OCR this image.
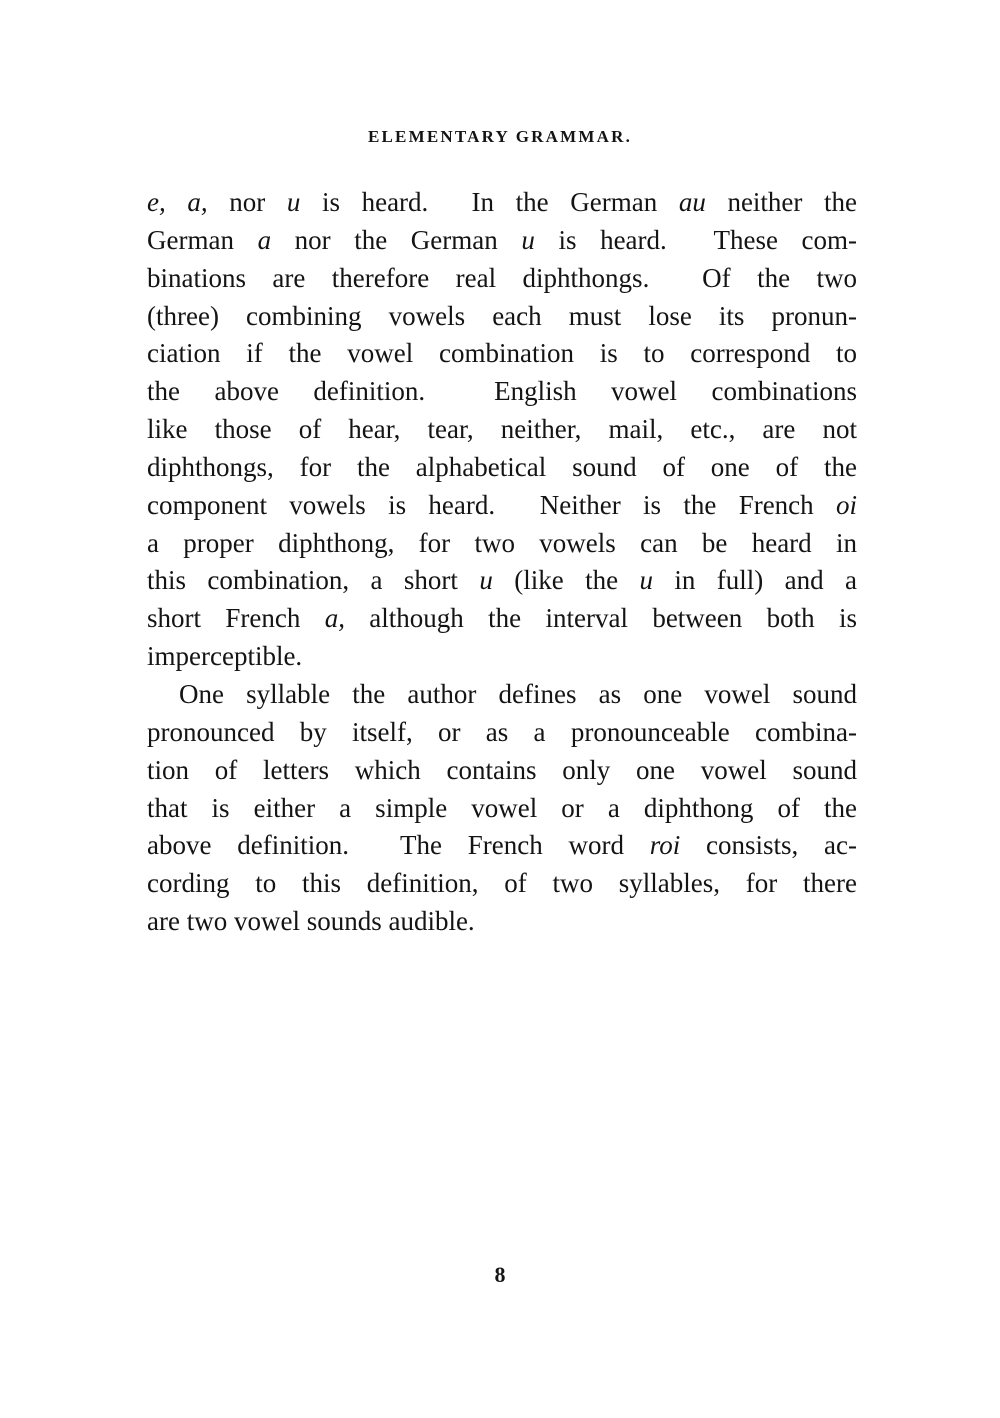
ELEMENTARY GRAMMAR.
e, a, nor u is heard.  In the German au neither the
German a nor the German u is heard.  These com-
binations are therefore real diphthongs.  Of the two
(three) combining vowels each must lose its pronun-
ciation if the vowel combination is to correspond to
the above definition.  English vowel combinations
like those of hear, tear, neither, mail, etc., are not
diphthongs, for the alphabetical sound of one of the
component vowels is heard.  Neither is the French oi
a proper diphthong, for two vowels can be heard in
this combination, a short u (like the u in full) and a
short French a, although the interval between both is
imperceptible.
One syllable the author defines as one vowel sound
pronounced by itself, or as a pronounceable combina-
tion of letters which contains only one vowel sound
that is either a simple vowel or a diphthong of the
above definition.  The French word roi consists, ac-
cording to this definition, of two syllables, for there
are two vowel sounds audible.
8
